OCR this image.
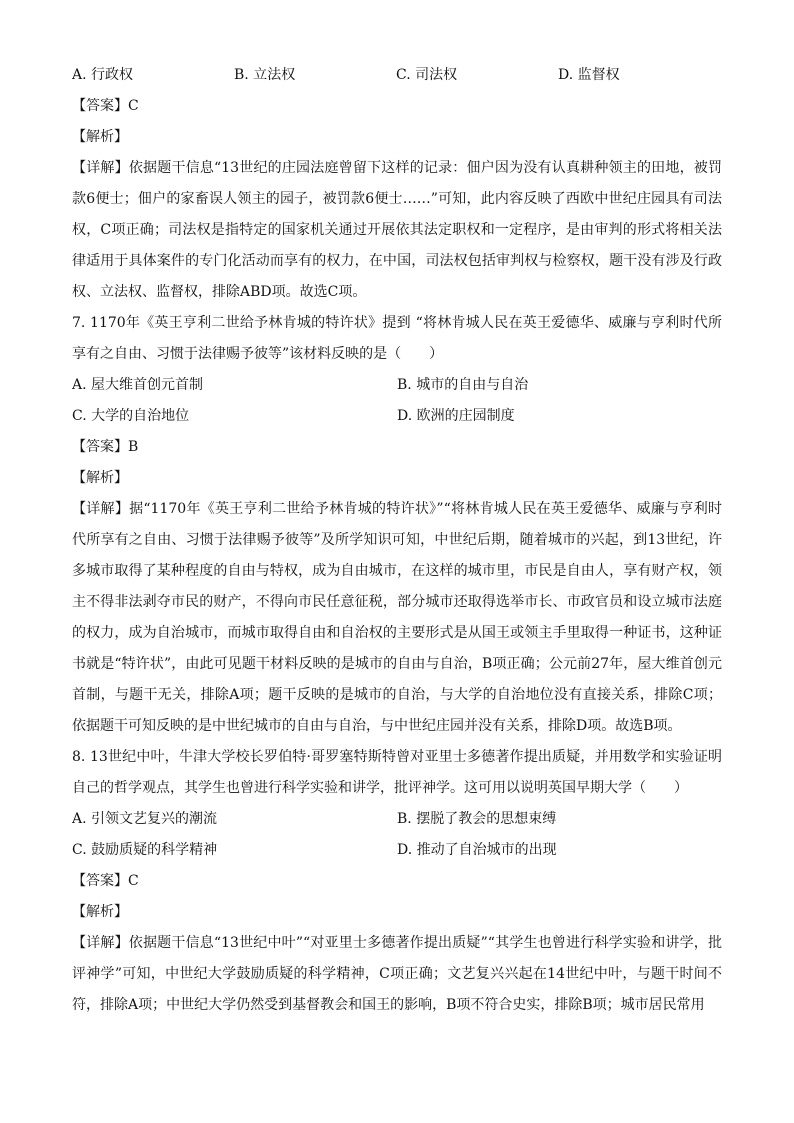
A. 行政权	B. 立法权	C. 司法权	D. 监督权
【答案】C
【解析】
【详解】依据题干信息“13世纪的庄园法庭曾留下这样的记录：佃户因为没有认真耕种领主的田地，被罚款6便士；佃户的家畜误人领主的园子，被罚款6便士……”可知，此内容反映了西欧中世纪庄园具有司法权，C项正确；司法权是指特定的国家机关通过开展依其法定职权和一定程序，是由审判的形式将相关法律适用于具体案件的专门化活动而享有的权力，在中国，司法权包括审判权与检察权，题干没有涉及行政权、立法权、监督权，排除ABD项。故选C项。
7. 1170年《英王亨利二世给予林肯城的特许状》提到 “将林肯城人民在英王爱德华、威廉与亨利时代所享有之自由、习惯于法律赐予彼等”该材料反映的是（　　）
A. 屋大维首创元首制	B. 城市的自由与自治
C. 大学的自治地位	D. 欧洲的庄园制度
【答案】B
【解析】
【详解】据“1170年《英王亨利二世给予林肯城的特许状》”“将林肯城人民在英王爱德华、威廉与亨利时代所享有之自由、习惯于法律赐予彼等”及所学知识可知，中世纪后期，随着城市的兴起，到13世纪，许多城市取得了某种程度的自由与特权，成为自由城市，在这样的城市里，市民是自由人，享有财产权，领主不得非法剥夺市民的财产，不得向市民任意征税，部分城市还取得选举市长、市政官员和设立城市法庭的权力，成为自治城市，而城市取得自由和自治权的主要形式是从国王或领主手里取得一种证书，这种证书就是“特许状”，由此可见题干材料反映的是城市的自由与自治，B项正确；公元前27年，屋大维首创元首制，与题干无关，排除A项；题干反映的是城市的自治，与大学的自治地位没有直接关系，排除C项；依据题干可知反映的是中世纪城市的自由与自治，与中世纪庄园并没有关系，排除D项。故选B项。
8. 13世纪中叶，牛津大学校长罗伯特·哥罗塞特斯特曾对亚里士多德著作提出质疑，并用数学和实验证明自己的哲学观点，其学生也曾进行科学实验和讲学，批评神学。这可用以说明英国早期大学（　　）
A. 引领文艺复兴的潮流	B. 摆脱了教会的思想束缚
C. 鼓励质疑的科学精神	D. 推动了自治城市的出现
【答案】C
【解析】
【详解】依据题干信息“13世纪中叶”“对亚里士多德著作提出质疑”“其学生也曾进行科学实验和讲学，批评神学”可知，中世纪大学鼓励质疑的科学精神，C项正确；文艺复兴兴起在14世纪中叶，与题干时间不符，排除A项；中世纪大学仍然受到基督教会和国王的影响，B项不符合史实，排除B项；城市居民常用
